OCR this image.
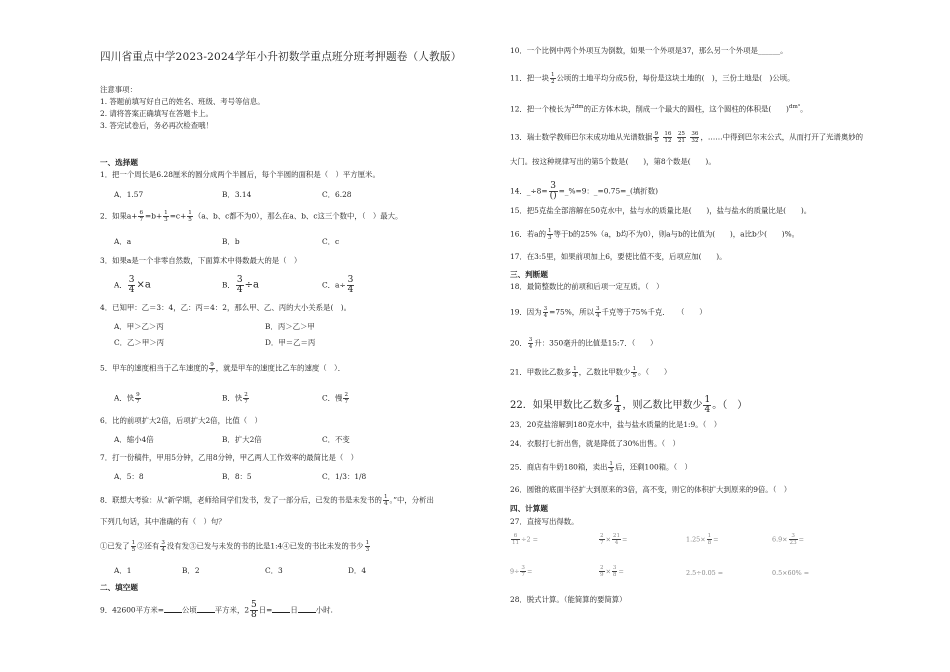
四川省重点中学2023-2024学年小升初数学重点班分班考押题卷（人教版）
注意事项：
1. 答题前填写好自己的姓名、班级、考号等信息。
2. 请将答案正确填写在答题卡上。
3. 答完试卷后，务必再次检查哦！
一、选择题
1．把一个周长是6.28厘米的圆分成两个半圆后，每个半圆的面积是（　）平方厘米。
A．1.57	B．3.14	C．6.28
2．如果$a+ \frac{6}{7} =b+ \frac{1}{3} =c+ \frac{1}{5} (a$、b、c都不为0），那么在a、b、c这三个数中，（　）最大。
A．a	B．b	C．c
3．如果a是一个非零自然数，下面算术中得数最大的是（　）
A． $\frac{3}{4} \times a$	B． $\frac{3}{4} \div a$	C．$a\div \frac{3}{4}$
4．已知甲：乙＝3：4，乙：丙＝4：2，那么甲、乙、丙的大小关系是(　)。
A．甲＞乙＞丙	B．丙＞乙＞甲
C．乙＞甲＞丙	D．甲＝乙＝丙
5．甲车的速度相当于乙车速度的 $\frac{9}{7}$ ，就是甲车的速度比乙车的速度（　）．
A．快 $\frac{9}{7}$	B．快 $\frac{2}{7}$	C．慢 $\frac{2}{7}$
6．比的前项扩大2倍，后项扩大2倍，比值（　）
A．缩小4倍	B．扩大2倍	C．不变
7．打一份稿件，甲用5分钟，乙用8分钟，甲乙两人工作效率的最简比是（　）
A．5：8	B．8：5	C．1/3：1/8
8．联想大考验：从“新学期，老师给同学们发书，发了一部分后，已发的书是未发书的 $\frac{1}{4}$ 。”中，分析出
下列几句话，其中准确的有（　）句？
①已发了 $\frac{1}{5}$ ②还有 $\frac{3}{4}$ 没有发③已发与未发的书的比是1:4④已发的书比未发的书少 $\frac{1}{3}$
A．1	B．2	C．3	D．4
二、填空题
9．42600平方米= 公顷 平方米，$2 \frac{5}{8}$ 日= 日 小时.
10．一个比例中两个外项互为倒数，如果一个外项是37，那么另一个外项是______。
11．把一块 $\frac{1}{2}$ 公顷的土地平均分成5份，每份是这块土地的(　)，三份土地是(　)公顷。
12．把一个棱长为$^{2dm}$的正方体木块，削成一个最大的圆柱，这个圆柱的体积是(　　)$^{dm^3}$。
13．瑞士数学教师巴尔末成功地从光谱数据 $\frac{9}{5}$
$\frac{16}{12}$
$\frac{25}{21}$
$\frac{36}{32}$ ，……中得到巴尔末公式，从而打开了光谱奥妙的
大门。按这种规律写出的第5个数是(　　)，第8个数是(　　)。
14．_÷8= $\frac{3}{()}$ =_%=9：_=0.75=_(填折数)
15．把5克盐全部溶解在50克水中，盐与水的质量比是(　　)，盐与盐水的质量比是(　　)。
16．若a的 $\frac{1}{3}$ 等于b的25%（a，b均不为0），则a与b的比值为(　　)，a比b少(　　)%。
17．在3:5里，如果前项加上6，要使比值不变，后项应加(　　)。
三、判断题
18．最简整数比的前项和后项一定互质。（　）
19．因为 $\frac{3}{4} =75\%$，所以 $\frac{3}{4}$ 千克等于75%千克．　　（　　）
20． $\frac{3}{4}$ 升：350毫升的比值是15:7．（　　）
21．甲数比乙数多 $\frac{1}{4}$ ，乙数比甲数少 $\frac{1}{5}$ 。（　　）
22．如果甲数比乙数多 $\frac{1}{4}$ ，则乙数比甲数少 $\frac{1}{4}$ 。（　）
23．20克盐溶解到180克水中，盐与盐水质量的比是1:9。（　）
24．衣服打七折出售，就是降低了30%出售。（　）
25．商店有牛奶180箱，卖出 $\frac{1}{3}$ 后，还剩100箱。（　）
26．圆锥的底面半径扩大到原来的3倍，高不变，则它的体积扩大到原来的9倍。（　）
四、计算题
27．直接写出得数。
$\frac{6}{11} \div 2$ =	$\frac{2}{7} \times \frac{21}{4}$ =	$1.25\times \frac{1}{8}$ =	$6.9\times \frac{3}{23}$ =
$9\div \frac{3}{7}$ =	$\frac{2}{9} \times \frac{3}{8}$ =	2.5÷0.05 =	0.5×60% =
28．脱式计算。（能简算的要简算）
